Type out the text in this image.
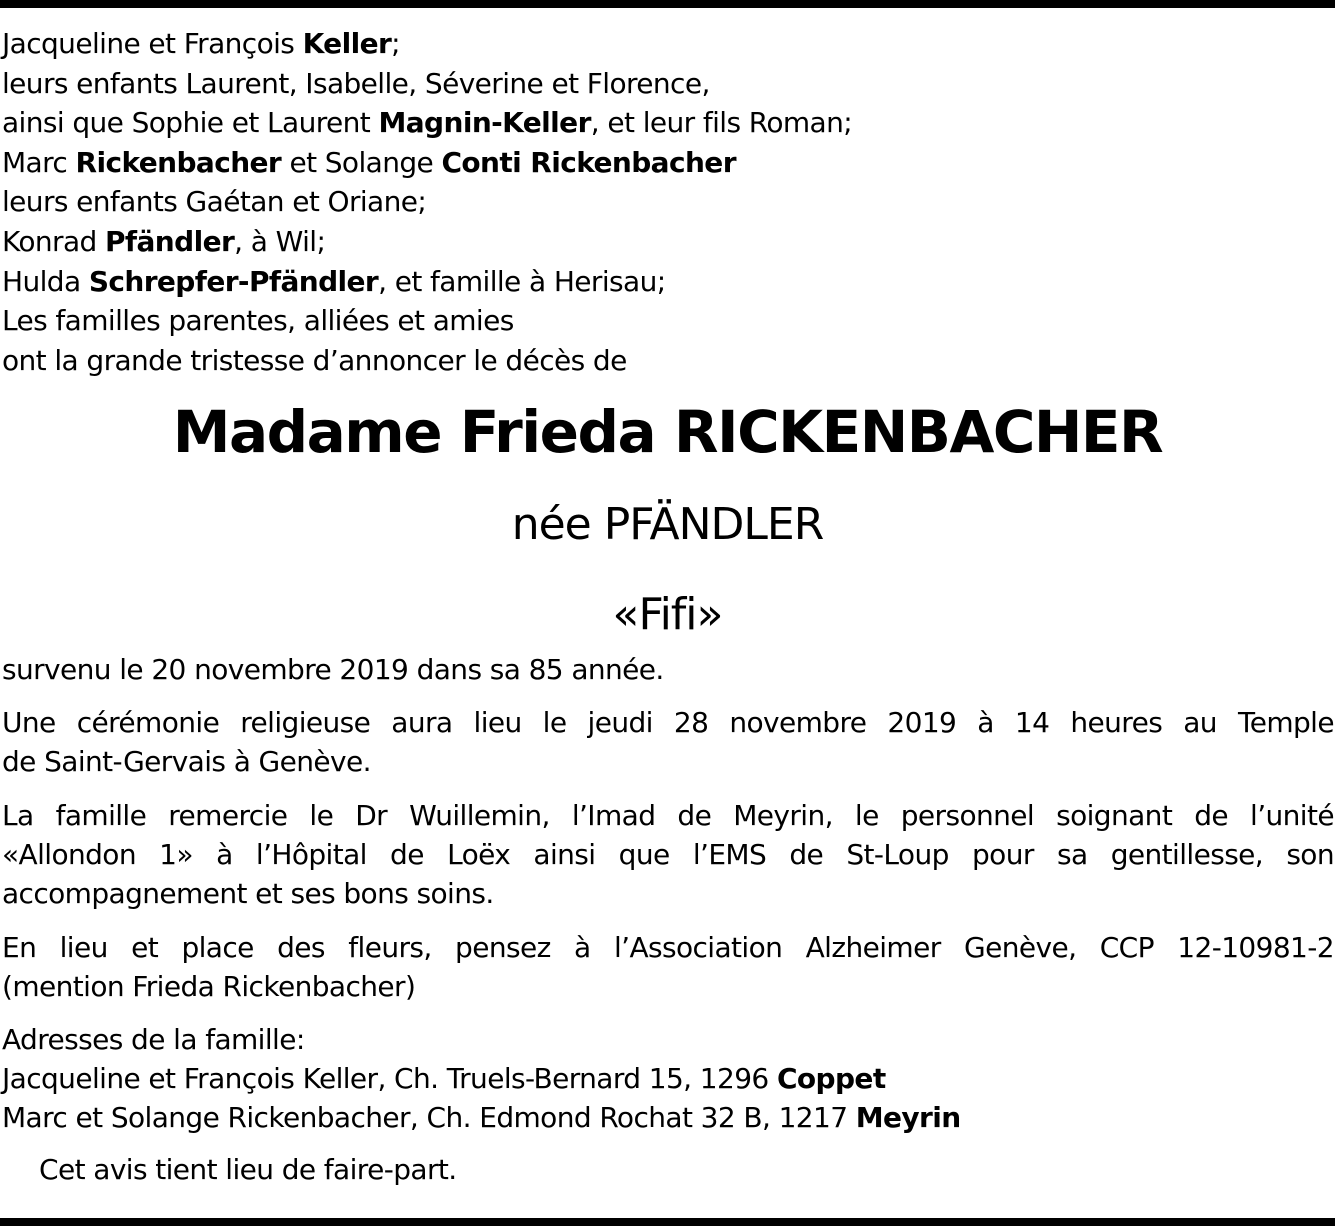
Jacqueline et François Keller;
leurs enfants Laurent, Isabelle, Séverine et Florence,
ainsi que Sophie et Laurent Magnin-Keller, et leur fils Roman;
Marc Rickenbacher et Solange Conti Rickenbacher
leurs enfants Gaétan et Oriane;
Konrad Pfändler, à Wil;
Hulda Schrepfer-Pfändler, et famille à Herisau;
Les familles parentes, alliées et amies
ont la grande tristesse d’annoncer le décès de
Madame Frieda RICKENBACHER
née PFÄNDLER
«Fifi»
survenu le 20 novembre 2019 dans sa 85 année.
Une cérémonie religieuse aura lieu le jeudi 28 novembre 2019 à 14 heures au Temple
de Saint-Gervais à Genève.
La famille remercie le Dr Wuillemin, l’Imad de Meyrin, le personnel soignant de l’unité
«Allondon 1» à l’Hôpital de Loëx ainsi que l’EMS de St-Loup pour sa gentillesse, son
accompagnement et ses bons soins.
En lieu et place des fleurs, pensez à l’Association Alzheimer Genève, CCP 12-10981-2
(mention Frieda Rickenbacher)
Adresses de la famille:
Jacqueline et François Keller, Ch. Truels-Bernard 15, 1296 Coppet
Marc et Solange Rickenbacher, Ch. Edmond Rochat 32 B, 1217 Meyrin
Cet avis tient lieu de faire-part.
